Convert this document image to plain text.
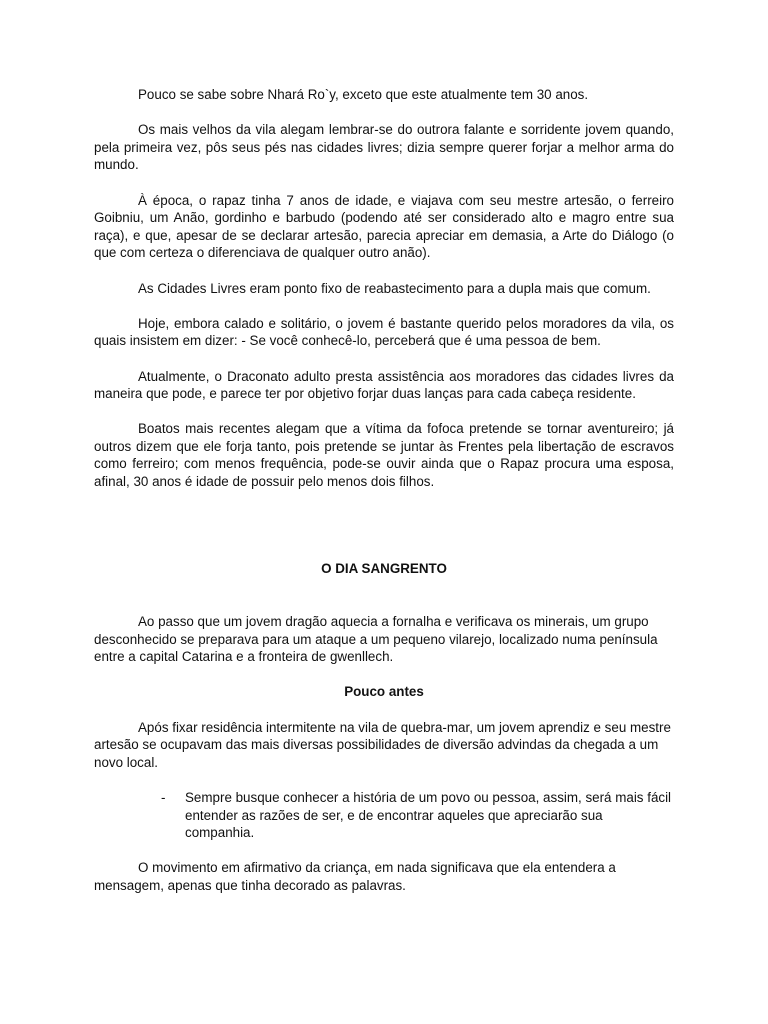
Pouco se sabe sobre Nhará Ro`y, exceto que este atualmente tem 30 anos.

Os mais velhos da vila alegam lembrar-se do outrora falante e sorridente jovem quando, pela primeira vez, pôs seus pés nas cidades livres; dizia sempre querer forjar a melhor arma do mundo.

À época, o rapaz tinha 7 anos de idade, e viajava com seu mestre artesão, o ferreiro Goibniu, um Anão, gordinho e barbudo (podendo até ser considerado alto e magro entre sua raça), e que, apesar de se declarar artesão, parecia apreciar em demasia, a Arte do Diálogo (o que com certeza o diferenciava de qualquer outro anão).

As Cidades Livres eram ponto fixo de reabastecimento para a dupla mais que comum.

Hoje, embora calado e solitário, o jovem é bastante querido pelos moradores da vila, os quais insistem em dizer: - Se você conhecê-lo, perceberá que é uma pessoa de bem.

Atualmente, o Draconato adulto presta assistência aos moradores das cidades livres da maneira que pode, e parece ter por objetivo forjar duas lanças para cada cabeça residente.

Boatos mais recentes alegam que a vítima da fofoca pretende se tornar aventureiro; já outros dizem que ele forja tanto, pois pretende se juntar às Frentes pela libertação de escravos como ferreiro; com menos frequência, pode-se ouvir ainda que o Rapaz procura uma esposa, afinal, 30 anos é idade de possuir pelo menos dois filhos.

O DIA SANGRENTO

Ao passo que um jovem dragão aquecia a fornalha e verificava os minerais, um grupo desconhecido se preparava para um ataque a um pequeno vilarejo, localizado numa península entre a capital Catarina e a fronteira de gwenllech.

Pouco antes

Após fixar residência intermitente na vila de quebra-mar, um jovem aprendiz e seu mestre artesão se ocupavam das mais diversas possibilidades de diversão advindas da chegada a um novo local.

- Sempre busque conhecer a história de um povo ou pessoa, assim, será mais fácil entender as razões de ser, e de encontrar aqueles que apreciarão sua companhia.

O movimento em afirmativo da criança, em nada significava que ela entendera a mensagem, apenas que tinha decorado as palavras.
